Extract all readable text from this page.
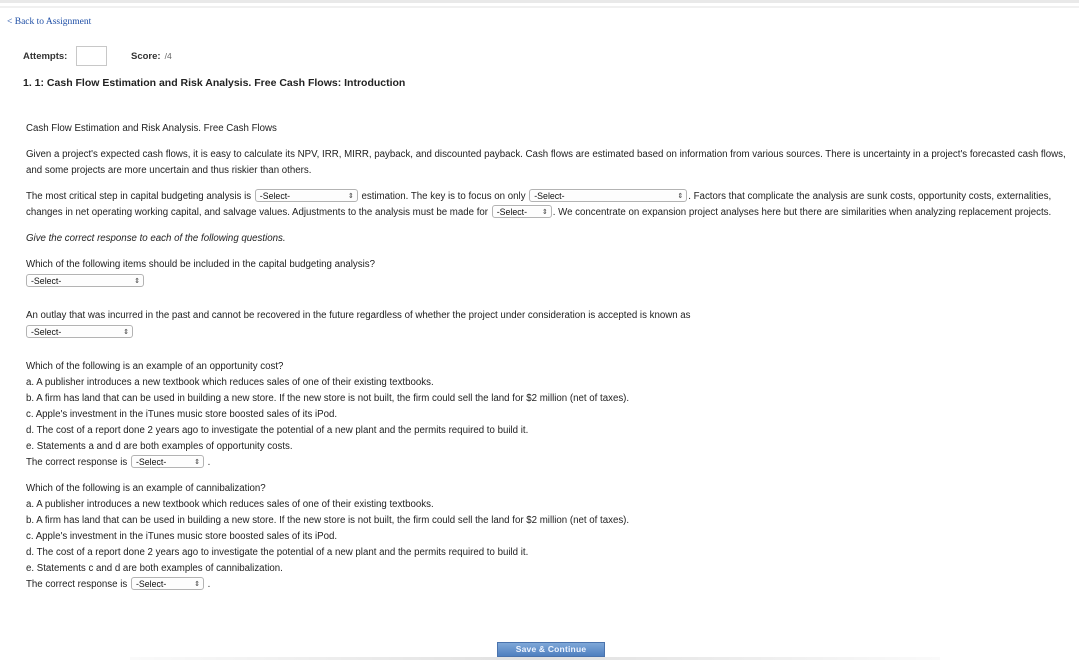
< Back to Assignment
Attempts:	Score: /4
1. 1: Cash Flow Estimation and Risk Analysis. Free Cash Flows: Introduction

Cash Flow Estimation and Risk Analysis. Free Cash Flows

Given a project's expected cash flows, it is easy to calculate its NPV, IRR, MIRR, payback, and discounted payback. Cash flows are estimated based on information from various sources. There is uncertainty in a project's forecasted cash flows, and some projects are more uncertain and thus riskier than others.

The most critical step in capital budgeting analysis is -Select-	⇕ estimation. The key is to focus on only -Select-	⇕ . Factors that complicate the analysis are sunk costs, opportunity costs, externalities, changes in net operating working capital, and salvage values. Adjustments to the analysis must be made for -Select- ⇕ . We concentrate on expansion project analyses here but there are similarities when analyzing replacement projects.

Give the correct response to each of the following questions.

Which of the following items should be included in the capital budgeting analysis?

-Select-	⇕

An outlay that was incurred in the past and cannot be recovered in the future regardless of whether the project under consideration is accepted is known as

-Select-	⇕

Which of the following is an example of an opportunity cost?

a. A publisher introduces a new textbook which reduces sales of one of their existing textbooks.

b. A firm has land that can be used in building a new store. If the new store is not built, the firm could sell the land for $2 million (net of taxes).

c. Apple's investment in the iTunes music store boosted sales of its iPod.

d. The cost of a report done 2 years ago to investigate the potential of a new plant and the permits required to build it.

e. Statements a and d are both examples of opportunity costs.

The correct response is -Select-	⇕ .

Which of the following is an example of cannibalization?

a. A publisher introduces a new textbook which reduces sales of one of their existing textbooks.

b. A firm has land that can be used in building a new store. If the new store is not built, the firm could sell the land for $2 million (net of taxes).

c. Apple's investment in the iTunes music store boosted sales of its iPod.

d. The cost of a report done 2 years ago to investigate the potential of a new plant and the permits required to build it.

e. Statements c and d are both examples of cannibalization.

The correct response is -Select-	⇕ .

Save & Continue
